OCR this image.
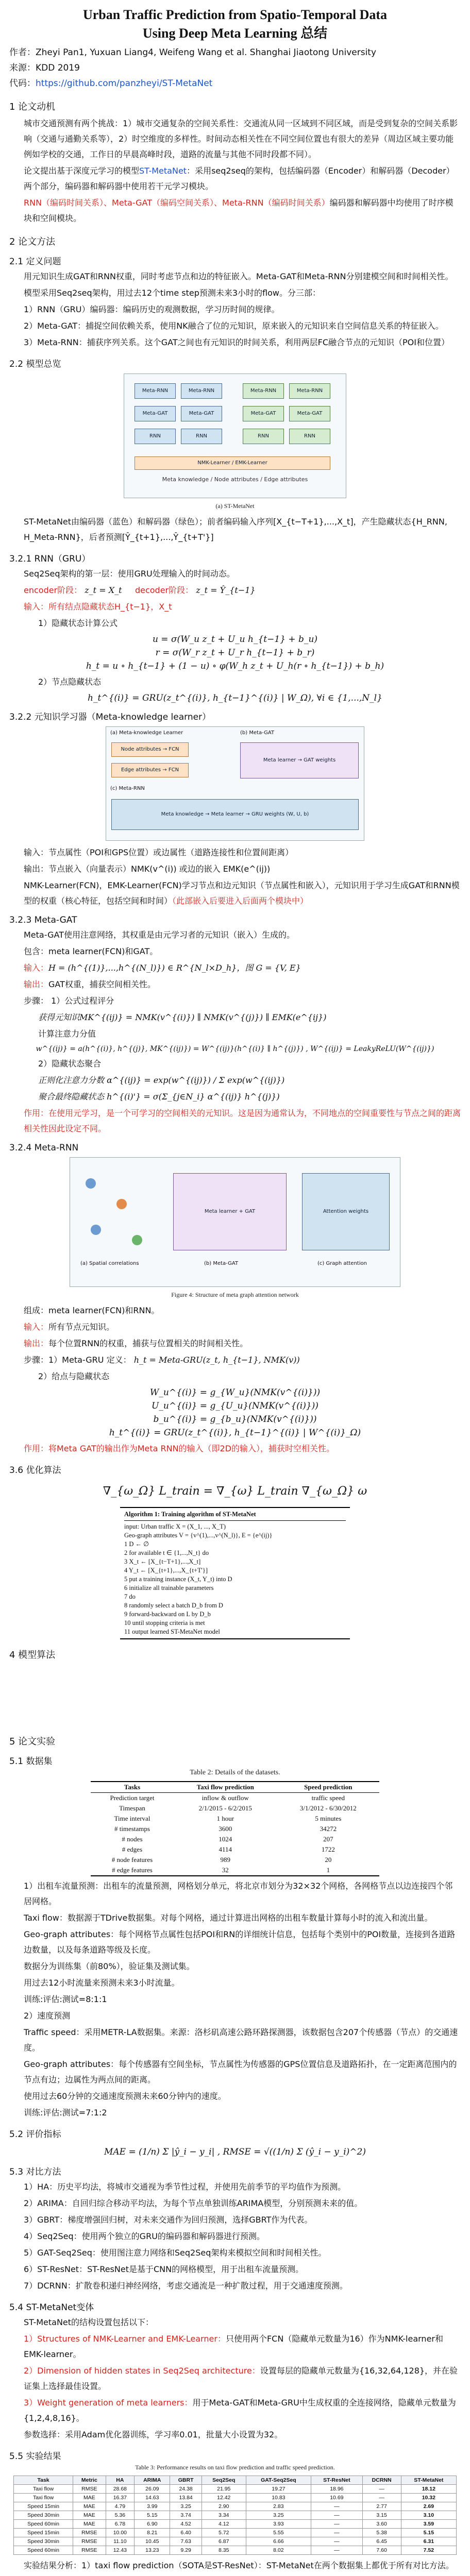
Urban Traffic Prediction from Spatio-Temporal Data
Using Deep Meta Learning 总结
作者：Zheyi Pan1, Yuxuan Liang4, Weifeng Wang et al. Shanghai Jiaotong University
来源：KDD 2019
代码：https://github.com/panzheyi/ST-MetaNet
1 论文动机

城市交通预测有两个挑战：1）城市交通复杂的空间关系性：交通流从同一区域到不同区域，而是受到复杂的空间关系影响（交通与通勤关系等），2）时空维度的多样性。时间动态相关性在不同空间位置也有很大的差异（周边区域主要功能例如学校的交通，工作日的早晨高峰时段，道路的流量与其他不同时段都不同）。

论文提出基于深度元学习的模型ST-MetaNet：采用seq2seq的架构，包括编码器（Encoder）和解码器（Decoder）两个部分，编码器和解码器中使用若干元学习模块。

RNN（编码时间关系）、Meta-GAT（编码空间关系）、Meta-RNN（编码时间关系）编码器和解码器中均使用了时序模块和空间模块。

2 论文方法
2.1 定义问题

用元知识生成GAT和RNN权重，同时考虑节点和边的特征嵌入。Meta-GAT和Meta-RNN分别建模空间和时间相关性。

模型采用Seq2seq架构，用过去12个time step预测未来3小时的flow。分三部：

1）RNN（GRU）编码器：编码历史的观测数据，学习历时间的规律。

2）Meta-GAT：捕捉空间依赖关系，使用NK融合了位的元知识，原来嵌入的元知识来自空间信息关系的特征嵌入。

3）Meta-RNN：捕获序列关系。这个GAT之间也有元知识的时间关系，利用两层FC融合节点的元知识（POI和位置）

2.2 模型总览
Meta-RNN	Meta-RNN	Meta-RNN	Meta-RNN
Meta-GAT	Meta-GAT	Meta-GAT	Meta-GAT
RNN	RNN	RNN	RNN
NMK-Learner / EMK-Learner
Meta knowledge / Node attributes / Edge attributes
(a) ST-MetaNet

ST-MetaNet由编码器（蓝色）和解码器（绿色）；前者编码输入序列[X_{t−T+1},...,X_t]，产生隐藏状态{H_RNN, H_Meta-RNN}，后者预测[Ŷ_{t+1},...,Ŷ_{t+T'}]

3.2.1 RNN（GRU）

Seq2Seq架构的第一层：使用GRU处理输入的时间动态。

encoder阶段： z_t = X_t decoder阶段： z_t = Ŷ_{t−1}

输入：所有结点隐藏状态H_{t−1}，X_t

1）隐藏状态计算公式

u = σ(W_u z_t + U_u h_{t−1} + b_u)
r = σ(W_r z_t + U_r h_{t−1} + b_r)
h_t = u ∘ h_{t−1} + (1 − u) ∘ φ(W_h z_t + U_h(r ∘ h_{t−1}) + b_h)

2）节点隐藏状态

h_t^{(i)} = GRU(z_t^{(i)}, h_{t−1}^{(i)} | W_Ω), ∀i ∈ {1,...,N_l}
3.2.2 元知识学习器（Meta-knowledge learner）
(a) Meta-knowledge Learner
Node attributes → FCN
Edge attributes → FCN
(b) Meta-GAT
Meta learner → GAT weights
(c) Meta-RNN
Meta knowledge → Meta learner → GRU weights (W, U, b)

输入：节点属性（POI和GPS位置）或边属性（道路连接性和位置间距离）

输出：节点嵌入（向量表示）NMK(v^(i)) 或边的嵌入 EMK(e^(ij))

NMK-Learner(FCN)，EMK-Learner(FCN)学习节点和边元知识（节点属性和嵌入），元知识用于学习生成GAT和RNN模型的权重（核心特征，包括空间和时间）（此部嵌入后要进入后面两个模块中）

3.2.3 Meta-GAT

Meta-GAT使用注意网络，其权重是由元学习者的元知识（嵌入）生成的。

包含：meta learner(FCN)和GAT。

输入：H = (h^{(1)},...,h^{(N_l)}) ∈ R^{N_l×D_h}，图 G = {V, E}

输出：GAT权重，捕获空间相关性。

步骤： 1）公式过程评分

获得元知识MK^{(ij)} = NMK(v^{(i)}) ∥ NMK(v^{(j)}) ∥ EMK(e^{ij})

计算注意力分值

w^{(ij)} = a(h^{(i)}, h^{(j)}, MK^{(ij)}) = W^{(ij)}(h^{(i)} ∥ h^{(j)}) , W^{(ij)} = LeakyReLU(W^{(ij)})

2）隐藏状态聚合

正则化注意力分数 α^{(ij)} = exp(w^{(ij)}) / Σ exp(w^{(ij)})

聚合最终隐藏状态 h^{(i)'} = σ(Σ_{j∈N_i} α^{(ij)} h^{(j)})

作用：在使用元学习，是一个可学习的空间相关的元知识。这是因为通常认为，不同地点的空间重要性与节点之间的距离相关性因此设定不同。

3.2.4 Meta-RNN
(a) Spatial correlations
Meta learner + GAT
(b) Meta-GAT
Attention weights
(c) Graph attention
Figure 4: Structure of meta graph attention network

组成：meta learner(FCN)和RNN。

输入：所有节点元知识。

输出：每个位置RNN的权重，捕获与位置相关的时间相关性。

步骤：1）Meta-GRU 定义： h_t = Meta-GRU(z_t, h_{t−1}, NMK(v))

2）给点与隐藏状态

W_u^{(i)} = g_{W_u}(NMK(v^{(i)}))
U_u^{(i)} = g_{U_u}(NMK(v^{(i)}))
b_u^{(i)} = g_{b_u}(NMK(v^{(i)}))
h_t^{(i)} = GRU(z_t^{(i)}, h_{t−1}^{(i)} | W^{(i)}_Ω)

作用：将Meta GAT的输出作为Meta RNN的输入（即2D的输入），捕获时空相关性。

3.6 优化算法
∇_{ω_Ω} L_train = ∇_{ω} L_train ∇_{ω_Ω} ω
Algorithm 1: Training algorithm of ST-MetaNet
input: Urban traffic X = (X_1, ..., X_T)
Geo-graph attributes V = {v^(1),...,v^(N_l)}, E = {e^(ij)}
1 D ← ∅
2 for available t ∈ {1,...,N_t} do
3 X_t ← [X_{t−T+1},...,X_t]
4 Y_t ← [X_{t+1},...,X_{t+T'}]
5 put a training instance (X_t, Y_t) into D
6 initialize all trainable parameters
7 do
8 randomly select a batch D_b from D
9 forward-backward on L by D_b
10 until stopping criteria is met
11 output learned ST-MetaNet model
4 模型算法
5 论文实验
5.1 数据集
Table 2: Details of the datasets.
Tasks	Taxi flow prediction	Speed prediction
Prediction target	inflow & outflow	traffic speed
Timespan	2/1/2015 - 6/2/2015	3/1/2012 - 6/30/2012
Time interval	1 hour	5 minutes
# timestamps	3600	34272
# nodes	1024	207
# edges	4114	1722
# node features	989	20
# edge features	32	1

1）出租车流量预测：出租车的流量预测，网格划分单元，将北京市划分为32×32个网格，各网格节点以边连接四个邻居网格。

Taxi flow：数据源于TDrive数据集。对每个网格，通过计算进出网格的出租车数量计算每小时的流入和流出量。

Geo-graph attributes：每个网格节点属性包括POI和RN的详细统计信息，包括每个类别中的POI数量，连接到各道路边数量，以及每条道路等级及长度。

数据分为训练集（前80%），验证集及测试集。

用过去12小时流量来预测未来3小时流量。

训练:评估:测试=8:1:1

2）速度预测

Traffic speed：采用METR-LA数据集。来源：洛杉矶高速公路环路探测器，该数据包含207个传感器（节点）的交通速度。

Geo-graph attributes：每个传感器有空间坐标，节点属性为传感器的GPS位置信息及道路拓扑，在一定距离范围内的节点有边；边属性为两点间的距离。

使用过去60分钟的交通速度预测未来60分钟内的速度。

训练:评估:测试=7:1:2

5.2 评价指标
MAE = (1/n) Σ |ŷ_i − y_i| , RMSE = √((1/n) Σ (ŷ_i − y_i)^2)
5.3 对比方法

1）HA：历史平均法，将城市交通视为季节性过程，并使用先前季节的平均值作为预测。

2）ARIMA：自回归综合移动平均法，为每个节点单独训练ARIMA模型，分别预测未来的值。

3）GBRT：梯度增强回归树，对未来交通作为回归预测，选择GBRT作为代表。

4）Seq2Seq：使用两个独立的GRU的编码器和解码器进行预测。

5）GAT-Seq2Seq：使用图注意力网络和Seq2Seq架构来模拟空间和时间相关性。

6）ST-ResNet：ST-ResNet是基于CNN的网格模型，用于出租车流量预测。

7）DCRNN：扩散卷积递归神经网络，考虑交通流是一种扩散过程，用于交通速度预测。

5.4 ST-MetaNet变体

ST-MetaNet的结构设置包括以下：

1）Structures of NMK-Learner and EMK-Learner：只使用两个FCN（隐藏单元数量为16）作为NMK-learner和EMK-learner。

2）Dimension of hidden states in Seq2Seq architecture：设置每层的隐藏单元数量为{16,32,64,128}，并在验证集上选择最佳设置。

3）Weight generation of meta learners：用于Meta-GAT和Meta-GRU中生成权重的全连接网络，隐藏单元数量为{1,2,4,8,16}。

参数选择：采用Adam优化器训练，学习率0.01，批量大小设置为32。

5.5 实验结果
Table 3: Performance results on taxi flow prediction and traffic speed prediction.
Task	Metric	HA	ARIMA	GBRT	Seq2Seq	GAT-Seq2Seq	ST-ResNet	DCRNN	ST-MetaNet
Taxi flow	RMSE	28.68	26.09	24.38	21.95	19.27	18.96	—	18.12
Taxi flow	MAE	16.37	14.63	13.84	12.42	10.83	10.69	—	10.32
Speed 15min	MAE	4.79	3.99	3.25	2.90	2.83	—	2.77	2.69
Speed 30min	MAE	5.36	5.15	3.74	3.34	3.25	—	3.15	3.10
Speed 60min	MAE	6.78	6.90	4.52	4.12	3.93	—	3.60	3.59
Speed 15min	RMSE	10.00	8.21	6.40	5.72	5.55	—	5.38	5.15
Speed 30min	RMSE	11.10	10.45	7.63	6.87	6.66	—	6.45	6.31
Speed 60min	RMSE	12.43	13.23	9.29	8.35	8.02	—	7.60	7.52

实验结果分析：1）taxi flow prediction（SOTA是ST-ResNet）：ST-MetaNet在两个数据集上都优于所有对比方法。
